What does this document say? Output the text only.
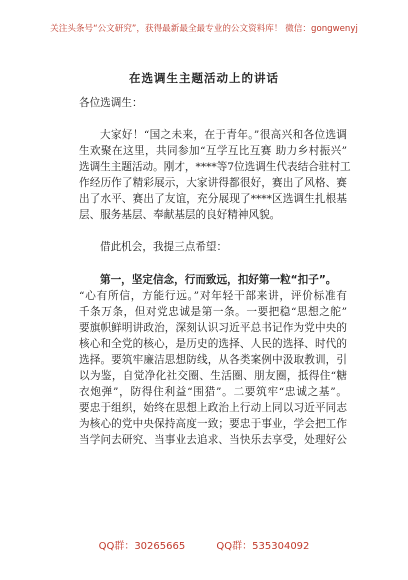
关注头条号“公文研究”，获得最新最全最专业的公文资料库！ 微信：gongwenyj
在选调生主题活动上的讲话
各位选调生：
大家好！“国之未来，在于青年。”很高兴和各位选调
生欢聚在这里，共同参加“互学互比互赛 助力乡村振兴”
选调生主题活动。刚才，****等7位选调生代表结合驻村工
作经历作了精彩展示，大家讲得都很好，赛出了风格、赛
出了水平、赛出了友谊，充分展现了****区选调生扎根基
层、服务基层、奉献基层的良好精神风貌。
借此机会，我提三点希望：
第一，坚定信念，行而致远，扣好第一粒“扣子”。
“心有所信，方能行远。”对年轻干部来讲，评价标准有
千条万条，但对党忠诚是第一条。一要把稳“思想之舵”
要旗帜鲜明讲政治，深刻认识习近平总书记作为党中央的
核心和全党的核心，是历史的选择、人民的选择、时代的
选择。要筑牢廉洁思想防线，从各类案例中汲取教训，引
以为鉴，自觉净化社交圈、生活圈、朋友圈，抵得住“糖
衣炮弹”，防得住利益“围猎”。二要筑牢“忠诚之基”。
要忠于组织，始终在思想上政治上行动上同以习近平同志
为核心的党中央保持高度一致；要忠于事业，学会把工作
当学问去研究、当事业去追求、当快乐去享受，处理好公
QQ群：30265665	QQ群：535304092
